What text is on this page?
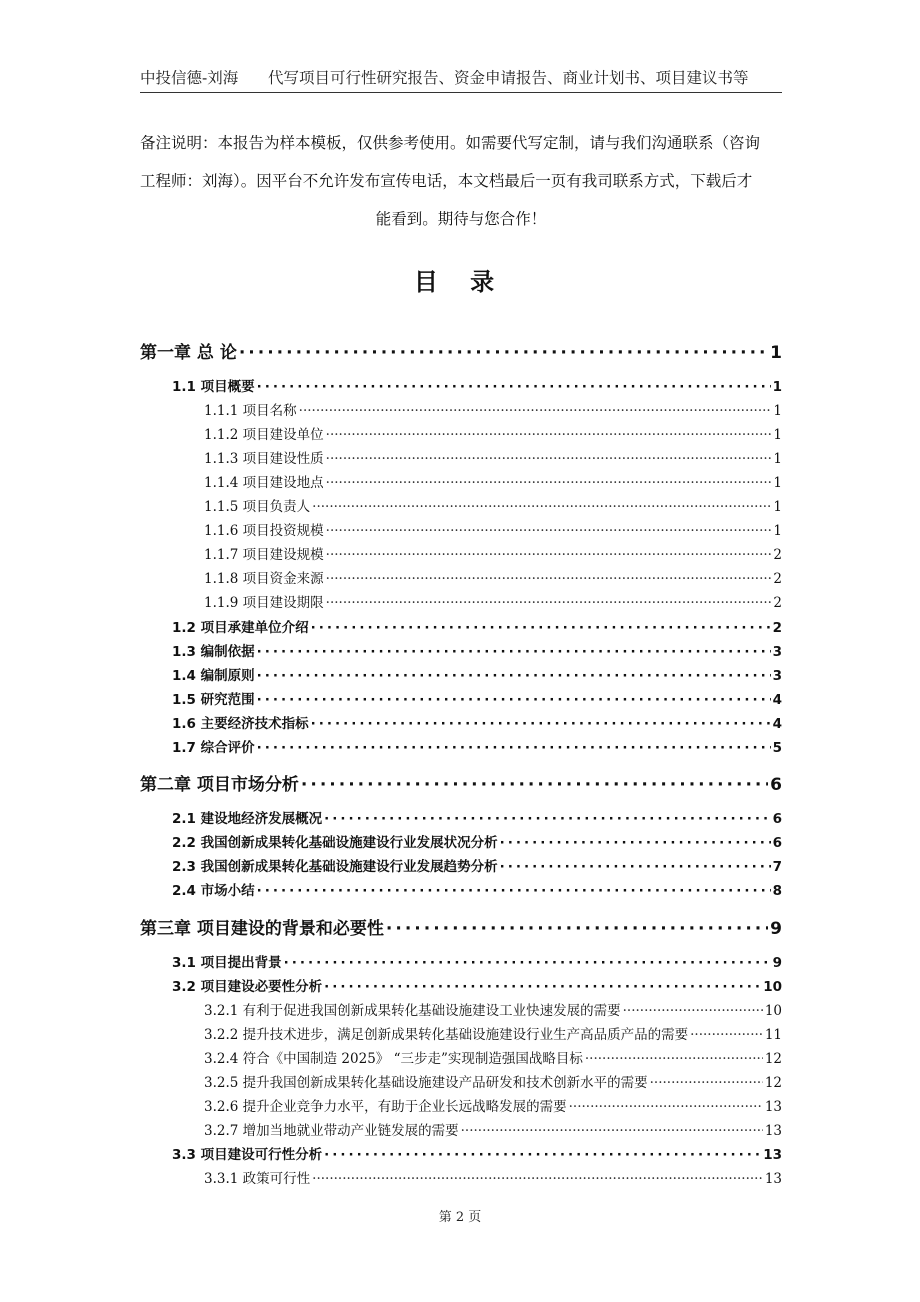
中投信德-刘海 代写项目可行性研究报告、资金申请报告、商业计划书、项目建议书等
备注说明：本报告为样本模板，仅供参考使用。如需要代写定制，请与我们沟通联系（咨询
工程师：刘海）。因平台不允许发布宣传电话，本文档最后一页有我司联系方式，下载后才
能看到。期待与您合作！
目 录
第一章 总 论 ·····	1
1.1 项目概要 ·····	1
1.1.1 项目名称 ·····	1
1.1.2 项目建设单位 ·····	1
1.1.3 项目建设性质 ·····	1
1.1.4 项目建设地点 ·····	1
1.1.5 项目负责人 ·····	1
1.1.6 项目投资规模 ·····	1
1.1.7 项目建设规模 ·····	2
1.1.8 项目资金来源 ·····	2
1.1.9 项目建设期限 ·····	2
1.2 项目承建单位介绍 ·····	2
1.3 编制依据 ·····	3
1.4 编制原则 ·····	3
1.5 研究范围 ·····	4
1.6 主要经济技术指标 ·····	4
1.7 综合评价 ·····	5
第二章 项目市场分析 ·····	6
2.1 建设地经济发展概况 ·····	6
2.2 我国创新成果转化基础设施建设行业发展状况分析 ·····	6
2.3 我国创新成果转化基础设施建设行业发展趋势分析 ·····	7
2.4 市场小结 ·····	8
第三章 项目建设的背景和必要性 ·····	9
3.1 项目提出背景 ·····	9
3.2 项目建设必要性分析 ·····	10
3.2.1 有利于促进我国创新成果转化基础设施建设工业快速发展的需要 ·····	10
3.2.2 提升技术进步，满足创新成果转化基础设施建设行业生产高品质产品的需要 ·····	11
3.2.4 符合《中国制造 2025》 “三步走”实现制造强国战略目标 ·····	12
3.2.5 提升我国创新成果转化基础设施建设产品研发和技术创新水平的需要 ·····	12
3.2.6 提升企业竞争力水平，有助于企业长远战略发展的需要 ·····	13
3.2.7 增加当地就业带动产业链发展的需要 ·····	13
3.3 项目建设可行性分析 ·····	13
3.3.1 政策可行性 ·····	13
第 2 页
